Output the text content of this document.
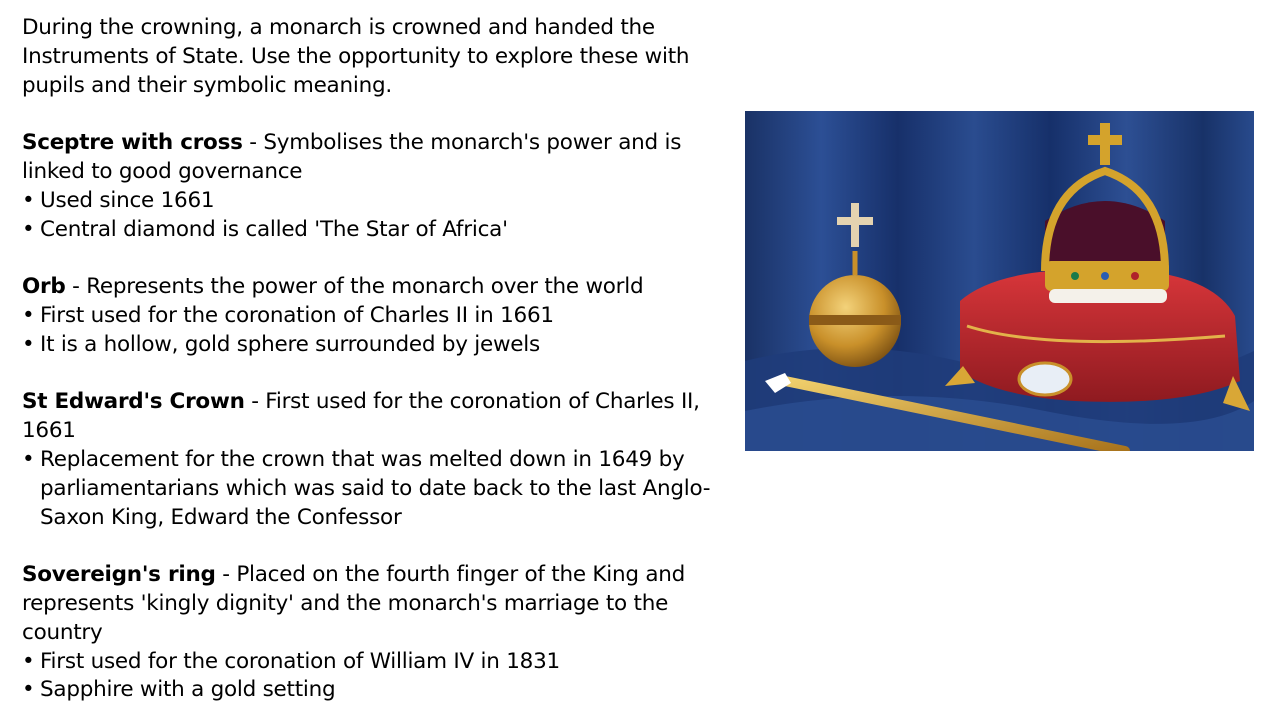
During the crowning, a monarch is crowned and handed the Instruments of State. Use the opportunity to explore these with pupils and their symbolic meaning.

Sceptre with cross - Symbolises the monarch's power and is linked to good governance

• Used since 1661
• Central diamond is called 'The Star of Africa'

Orb - Represents the power of the monarch over the world

• First used for the coronation of Charles II in 1661
• It is a hollow, gold sphere surrounded by jewels

St Edward's Crown - First used for the coronation of Charles II, 1661

• Replacement for the crown that was melted down in 1649 by parliamentarians which was said to date back to the last Anglo-Saxon King, Edward the Confessor

Sovereign's ring - Placed on the fourth finger of the King and represents 'kingly dignity' and the monarch's marriage to the country

• First used for the coronation of William IV in 1831
• Sapphire with a gold setting
